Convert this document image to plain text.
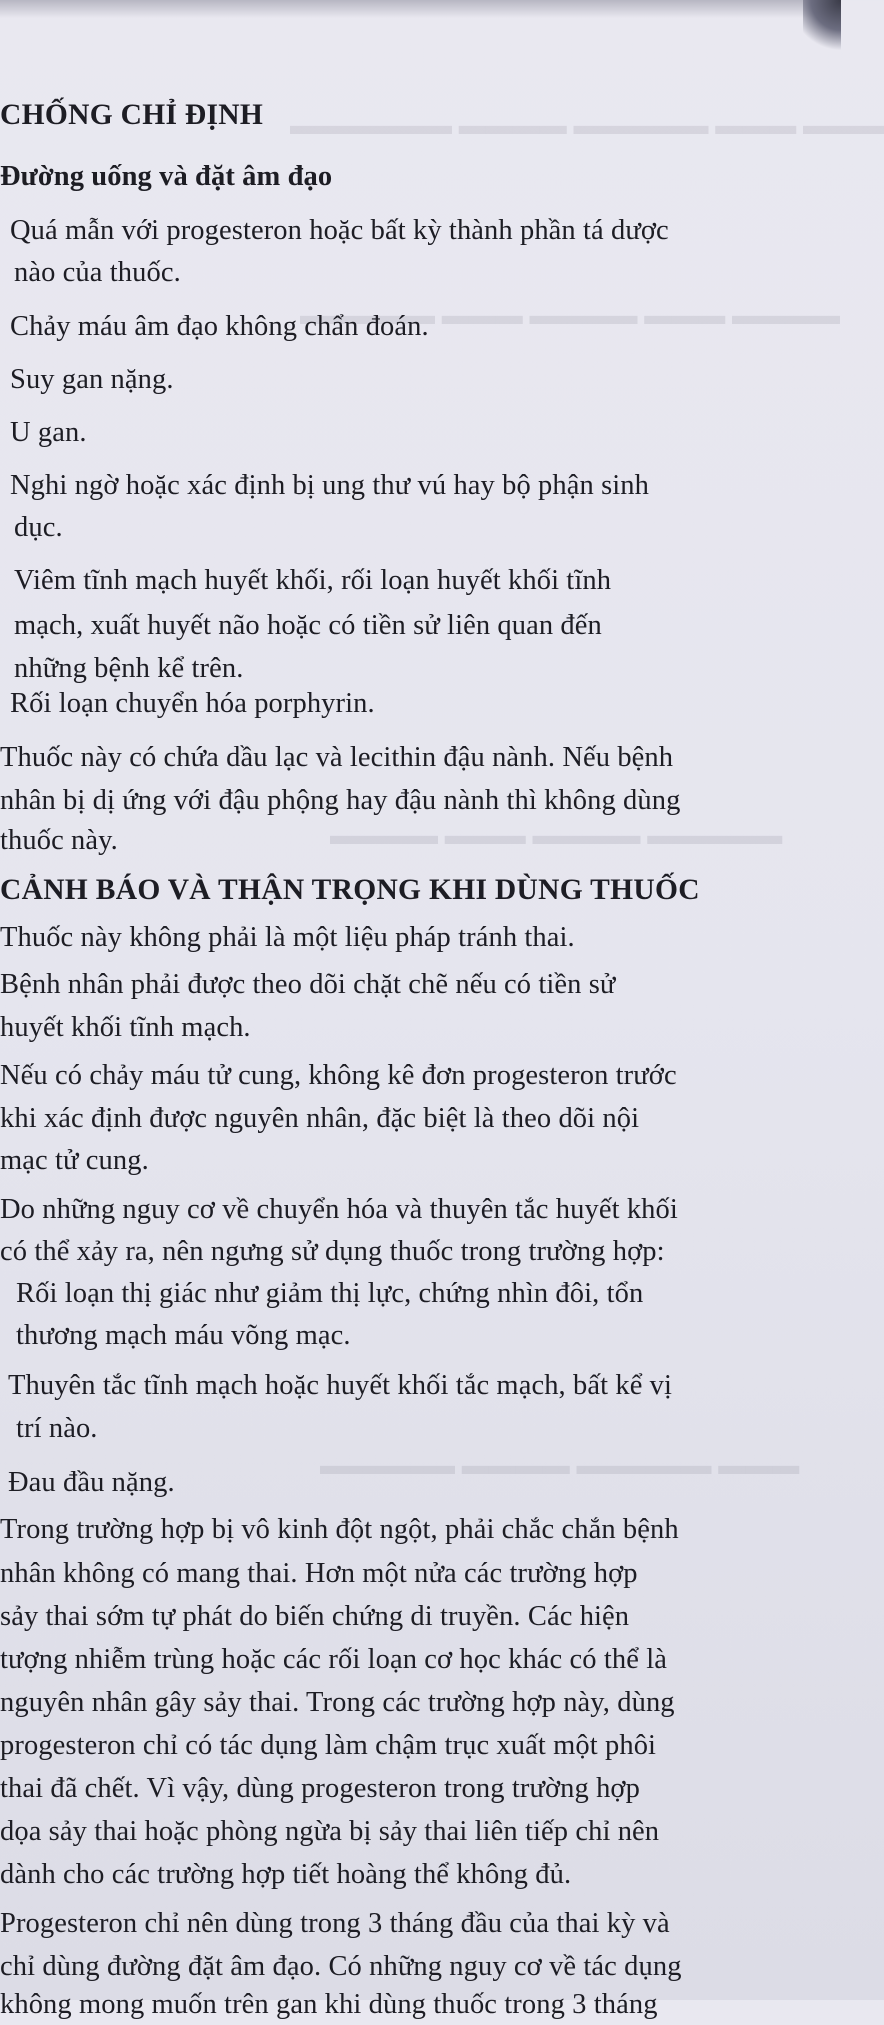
▬▬▬ ▬▬▬ ▬▬▬▬▬ ▬▬▬▬ ▬▬▬▬▬▬
▬▬▬▬ ▬▬▬ ▬▬▬▬ ▬▬▬ ▬▬▬▬▬
▬▬▬▬▬ ▬▬▬▬ ▬▬▬ ▬▬▬▬
▬▬▬ ▬▬▬▬▬ ▬▬▬▬ ▬▬▬▬▬

CHỐNG CHỈ ĐỊNH

Đường uống và đặt âm đạo

Quá mẫn với progesteron hoặc bất kỳ thành phần tá dược

nào của thuốc.

Chảy máu âm đạo không chẩn đoán.

Suy gan nặng.

U gan.

Nghi ngờ hoặc xác định bị ung thư vú hay bộ phận sinh

dục.

Viêm tĩnh mạch huyết khối, rối loạn huyết khối tĩnh

mạch, xuất huyết não hoặc có tiền sử liên quan đến

những bệnh kể trên.

Rối loạn chuyển hóa porphyrin.

Thuốc này có chứa dầu lạc và lecithin đậu nành. Nếu bệnh

nhân bị dị ứng với đậu phộng hay đậu nành thì không dùng

thuốc này.

CẢNH BÁO VÀ THẬN TRỌNG KHI DÙNG THUỐC

Thuốc này không phải là một liệu pháp tránh thai.

Bệnh nhân phải được theo dõi chặt chẽ nếu có tiền sử

huyết khối tĩnh mạch.

Nếu có chảy máu tử cung, không kê đơn progesteron trước

khi xác định được nguyên nhân, đặc biệt là theo dõi nội

mạc tử cung.

Do những nguy cơ về chuyển hóa và thuyên tắc huyết khối

có thể xảy ra, nên ngưng sử dụng thuốc trong trường hợp:

Rối loạn thị giác như giảm thị lực, chứng nhìn đôi, tổn

thương mạch máu võng mạc.

Thuyên tắc tĩnh mạch hoặc huyết khối tắc mạch, bất kể vị

trí nào.

Đau đầu nặng.

Trong trường hợp bị vô kinh đột ngột, phải chắc chắn bệnh

nhân không có mang thai. Hơn một nửa các trường hợp

sảy thai sớm tự phát do biến chứng di truyền. Các hiện

tượng nhiễm trùng hoặc các rối loạn cơ học khác có thể là

nguyên nhân gây sảy thai. Trong các trường hợp này, dùng

progesteron chỉ có tác dụng làm chậm trục xuất một phôi

thai đã chết. Vì vậy, dùng progesteron trong trường hợp

dọa sảy thai hoặc phòng ngừa bị sảy thai liên tiếp chỉ nên

dành cho các trường hợp tiết hoàng thể không đủ.

Progesteron chỉ nên dùng trong 3 tháng đầu của thai kỳ và

chỉ dùng đường đặt âm đạo. Có những nguy cơ về tác dụng

không mong muốn trên gan khi dùng thuốc trong 3 tháng
